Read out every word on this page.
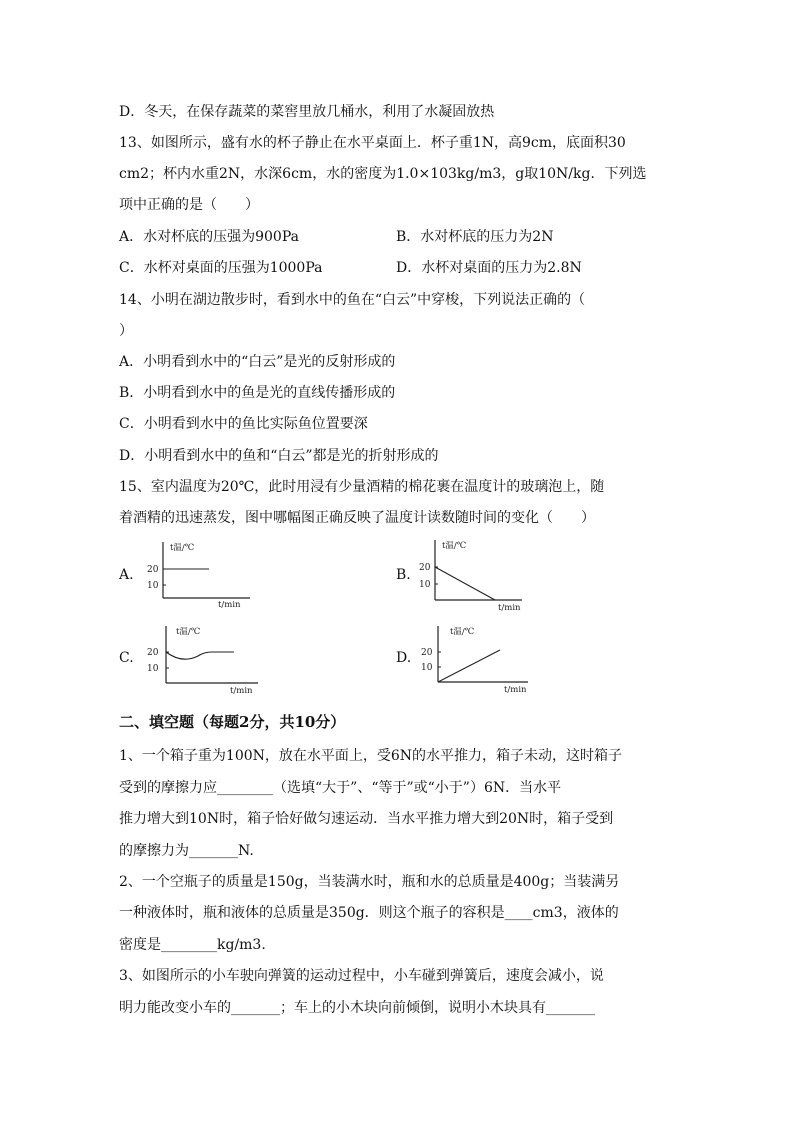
D．冬天，在保存蔬菜的菜窖里放几桶水，利用了水凝固放热
13、如图所示，盛有水的杯子静止在水平桌面上．杯子重1N，高9cm，底面积30
cm2；杯内水重2N，水深6cm，水的密度为1.0×103kg/m3，g取10N/kg．下列选
项中正确的是（　　）
A．水对杯底的压强为900Pa	B．水对杯底的压力为2N
C．水杯对桌面的压强为1000Pa	D．水杯对桌面的压力为2.8N
14、小明在湖边散步时，看到水中的鱼在“白云”中穿梭，下列说法正确的（
）
A．小明看到水中的“白云”是光的反射形成的
B．小明看到水中的鱼是光的直线传播形成的
C．小明看到水中的鱼比实际鱼位置要深
D．小明看到水中的鱼和“白云”都是光的折射形成的
15、室内温度为20℃，此时用浸有少量酒精的棉花裹在温度计的玻璃泡上，随
着酒精的迅速蒸发，图中哪幅图正确反映了温度计读数随时间的变化（　　）
A.
t温/℃
20
10
t/min
B.
t温/℃
20
10
t/min
C.
t温/℃
20
10
t/min
D.
t温/℃
20
10
t/min
二、填空题（每题2分，共10分）
1、一个箱子重为100N，放在水平面上，受6N的水平推力，箱子未动，这时箱子
受到的摩擦力应________（选填“大于”、“等于”或“小于”）6N．当水平
推力增大到10N时，箱子恰好做匀速运动．当水平推力增大到20N时，箱子受到
的摩擦力为_______N.
2、一个空瓶子的质量是150g，当装满水时，瓶和水的总质量是400g；当装满另
一种液体时，瓶和液体的总质量是350g．则这个瓶子的容积是____cm3，液体的
密度是________kg/m3.
3、如图所示的小车驶向弹簧的运动过程中，小车碰到弹簧后，速度会减小，说
明力能改变小车的_______；车上的小木块向前倾倒，说明小木块具有_______
